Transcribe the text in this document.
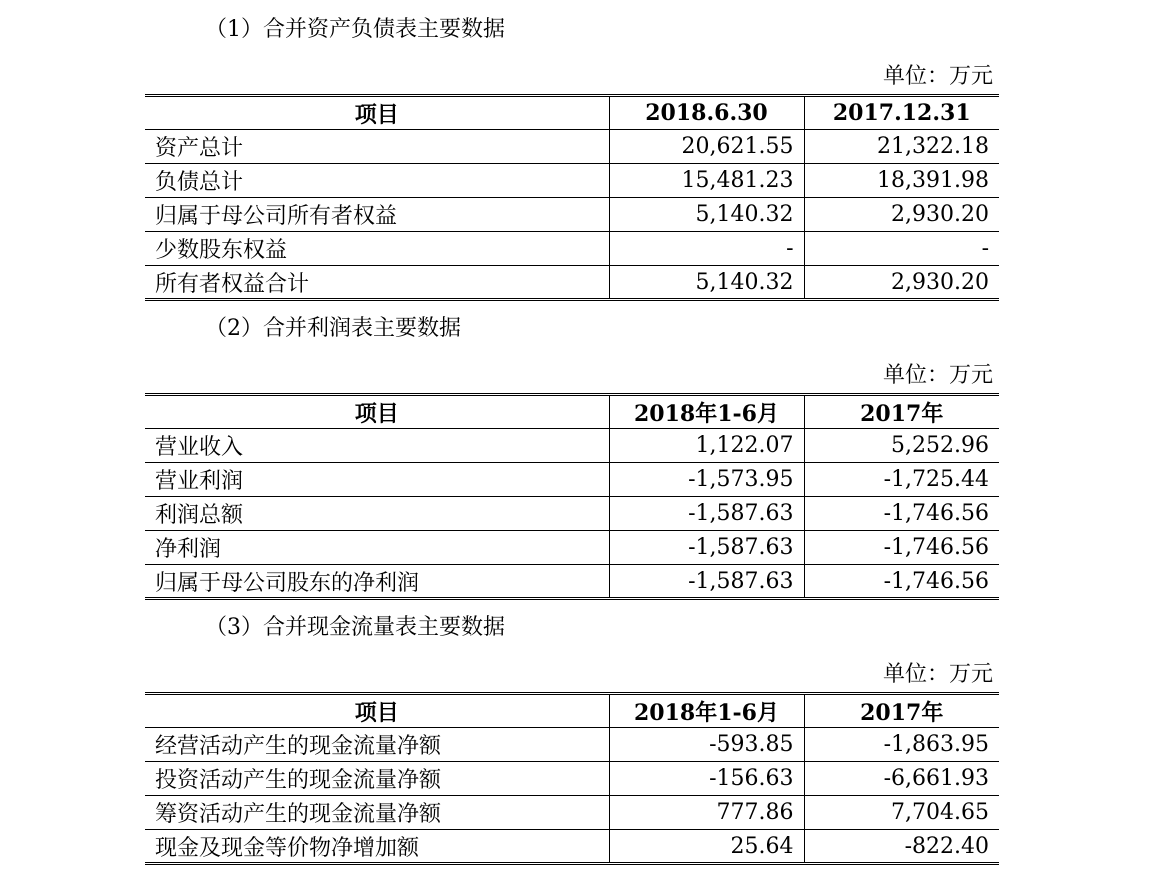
（1）合并资产负债表主要数据
单位：万元
项目	2018.6.30	2017.12.31
资产总计	20,621.55	21,322.18
负债总计	15,481.23	18,391.98
归属于母公司所有者权益	5,140.32	2,930.20
少数股东权益	-	-
所有者权益合计	5,140.32	2,930.20
（2）合并利润表主要数据
单位：万元
项目	2018年1-6月	2017年
营业收入	1,122.07	5,252.96
营业利润	-1,573.95	-1,725.44
利润总额	-1,587.63	-1,746.56
净利润	-1,587.63	-1,746.56
归属于母公司股东的净利润	-1,587.63	-1,746.56
（3）合并现金流量表主要数据
单位：万元
项目	2018年1-6月	2017年
经营活动产生的现金流量净额	-593.85	-1,863.95
投资活动产生的现金流量净额	-156.63	-6,661.93
筹资活动产生的现金流量净额	777.86	7,704.65
现金及现金等价物净增加额	25.64	-822.40
